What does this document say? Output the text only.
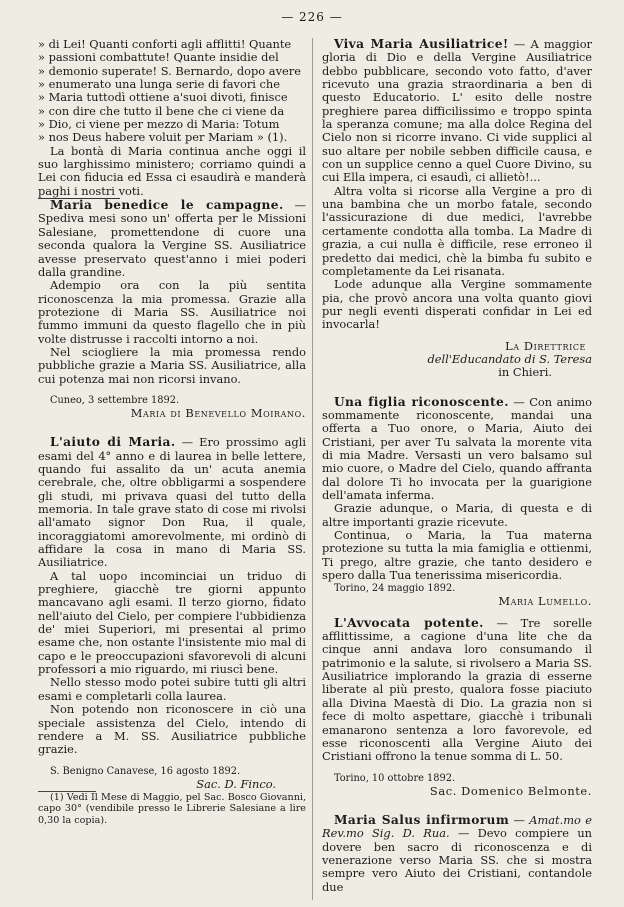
— 226 —
» di Lei! Quanti conforti agli afflitti! Quante
» passioni combattute! Quante insidie del
» demonio superate! S. Bernardo, dopo avere
» enumerato una lunga serie di favori che
» Maria tuttodì ottiene a'suoi divoti, finisce
» con dire che tutto il bene che ci viene da
» Dio, ci viene per mezzo di Maria: Totum
» nos Deus habere voluit per Mariam » (1).

La bontà di Maria continua anche oggi il suo larghissimo ministero; corriamo quindi a Lei con fiducia ed Essa ci esaudirà e manderà paghi i nostri voti.

Maria benedice le campagne. — Spediva mesi sono un' offerta per le Missioni Salesiane, promettendone di cuore una seconda qualora la Vergine SS. Ausiliatrice avesse preservato quest'anno i miei poderi dalla grandine.

Adempio ora con la più sentita riconoscenza la mia promessa. Grazie alla protezione di Maria SS. Ausiliatrice noi fummo immuni da questo flagello che in più volte distrusse i raccolti intorno a noi.

Nel sciogliere la mia promessa rendo pubbliche grazie a Maria SS. Ausiliatrice, alla cui potenza mai non ricorsi invano.

Cuneo, 3 settembre 1892.
Maria di Benevello Moirano.

L'aiuto di Maria. — Ero prossimo agli esami del 4° anno e di laurea in belle lettere, quando fui assalito da un' acuta anemia cerebrale, che, oltre obbligarmi a sospendere gli studi, mi privava quasi del tutto della memoria. In tale grave stato di cose mi rivolsi all'amato signor Don Rua, il quale, incoraggiatomi amorevolmente, mi ordinò di affidare la cosa in mano di Maria SS. Ausiliatrice.

A tal uopo incominciai un triduo di preghiere, giacchè tre giorni appunto mancavano agli esami. Il terzo giorno, fidato nell'aiuto del Cielo, per compiere l'ubbidienza de' miei Superiori, mi presentai al primo esame che, non ostante l'insistente mio mal di capo e le preoccupazioni sfavorevoli di alcuni professori a mio riguardo, mi riuscì bene.

Nello stesso modo potei subire tutti gli altri esami e completarli colla laurea.

Non potendo non riconoscere in ciò una speciale assistenza del Cielo, intendo di rendere a M. SS. Ausiliatrice pubbliche grazie.

S. Benigno Canavese, 16 agosto 1892.
Sac. D. Finco.

(1) Vedi Il Mese di Maggio, pel Sac. Bosco Giovanni, capo 30° (vendibile presso le Librerie Salesiane a lire 0,30 la copia).

Viva Maria Ausiliatrice! — A maggior gloria di Dio e della Vergine Ausiliatrice debbo pubblicare, secondo voto fatto, d'aver ricevuto una grazia straordinaria a ben di questo Educatorio. L' esito delle nostre preghiere parea difficilissimo e troppo spinta la speranza comune; ma alla dolce Regina del Cielo non si ricorre invano. Ci vide supplici al suo altare per nobile sebben difficile causa, e con un supplice cenno a quel Cuore Divino, su cui Ella impera, ci esaudì, ci allietò!...

Altra volta si ricorse alla Vergine a pro di una bambina che un morbo fatale, secondo l'assicurazione di due medici, l'avrebbe certamente condotta alla tomba. La Madre di grazia, a cui nulla è difficile, rese erroneo il predetto dai medici, chè la bimba fu subito e completamente da Lei risanata.

Lode adunque alla Vergine sommamente pia, che provò ancora una volta quanto giovi pur negli eventi disperati confidar in Lei ed invocarla!

La Direttrice
dell'Educandato di S. Teresa
in Chieri.

Una figlia riconoscente. — Con animo sommamente riconoscente, mandai una offerta a Tuo onore, o Maria, Aiuto dei Cristiani, per aver Tu salvata la morente vita di mia Madre. Versasti un vero balsamo sul mio cuore, o Madre del Cielo, quando affranta dal dolore Ti ho invocata per la guarigione dell'amata inferma.

Grazie adunque, o Maria, di questa e di altre importanti grazie ricevute.

Continua, o Maria, la Tua materna protezione su tutta la mia famiglia e ottienmi, Ti prego, altre grazie, che tanto desidero e spero dalla Tua tenerissima misericordia.

Torino, 24 maggio 1892.
Maria Lumello.

L'Avvocata potente. — Tre sorelle afflittissime, a cagione d'una lite che da cinque anni andava loro consumando il patrimonio e la salute, si rivolsero a Maria SS. Ausiliatrice implorando la grazia di esserne liberate al più presto, qualora fosse piaciuto alla Divina Maestà di Dio. La grazia non si fece di molto aspettare, giacchè i tribunali emanarono sentenza a loro favorevole, ed esse riconoscenti alla Vergine Aiuto dei Cristiani offrono la tenue somma di L. 50.

Torino, 10 ottobre 1892.
Sac. Domenico Belmonte.

Maria Salus infirmorum — Amat.mo e Rev.mo Sig. D. Rua. — Devo compiere un dovere ben sacro di riconoscenza e di venerazione verso Maria SS. che si mostra sempre vero Aiuto dei Cristiani, contandole due
